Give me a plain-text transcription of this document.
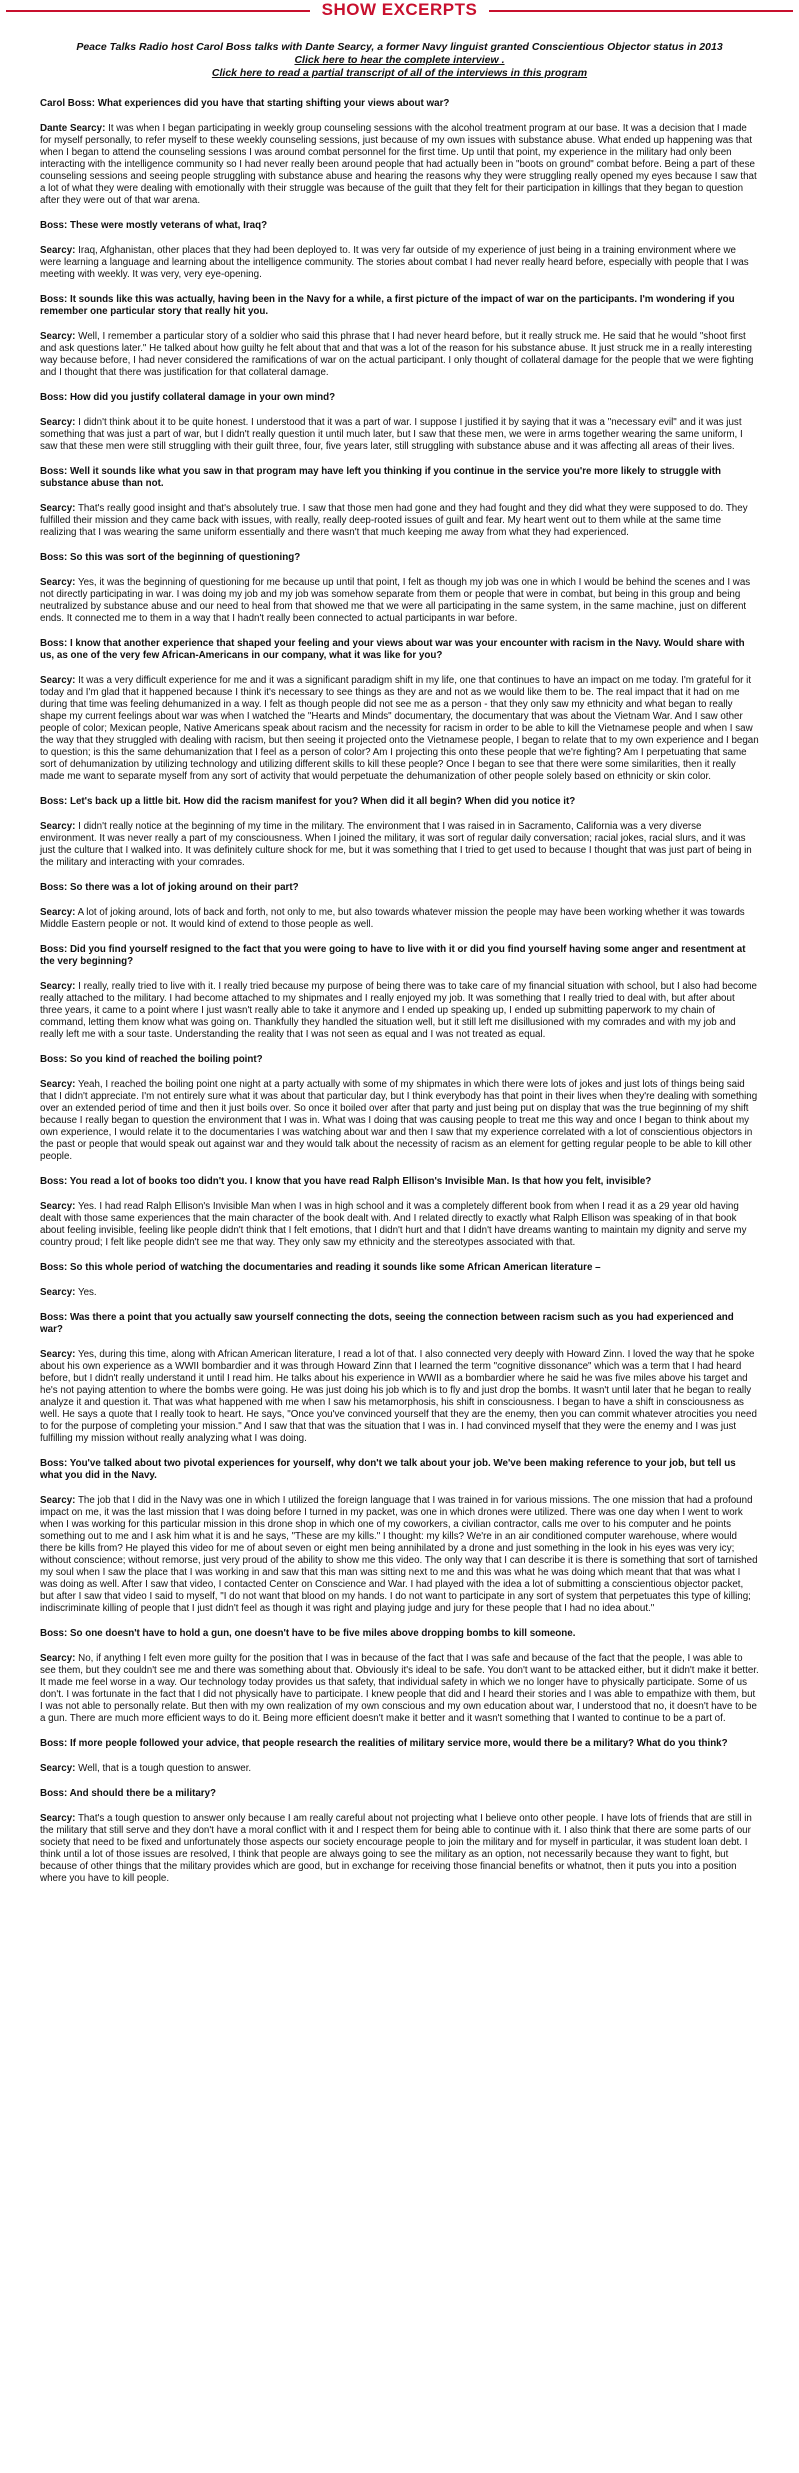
SHOW EXCERPTS
Peace Talks Radio host Carol Boss talks with Dante Searcy, a former Navy linguist granted Conscientious Objector status in 2013
Click here to hear the complete interview .
Click here to read a partial transcript of all of the interviews in this program

Carol Boss: What experiences did you have that starting shifting your views about war?

Dante Searcy: It was when I began participating in weekly group counseling sessions with the alcohol treatment program at our base. It was a decision that I made for myself personally, to refer myself to these weekly counseling sessions, just because of my own issues with substance abuse. What ended up happening was that when I began to attend the counseling sessions I was around combat personnel for the first time. Up until that point, my experience in the military had only been interacting with the intelligence community so I had never really been around people that had actually been in "boots on ground" combat before. Being a part of these counseling sessions and seeing people struggling with substance abuse and hearing the reasons why they were struggling really opened my eyes because I saw that a lot of what they were dealing with emotionally with their struggle was because of the guilt that they felt for their participation in killings that they began to question after they were out of that war arena.

Boss: These were mostly veterans of what, Iraq?

Searcy: Iraq, Afghanistan, other places that they had been deployed to. It was very far outside of my experience of just being in a training environment where we were learning a language and learning about the intelligence community. The stories about combat I had never really heard before, especially with people that I was meeting with weekly. It was very, very eye-opening.

Boss: It sounds like this was actually, having been in the Navy for a while, a first picture of the impact of war on the participants. I'm wondering if you remember one particular story that really hit you.

Searcy: Well, I remember a particular story of a soldier who said this phrase that I had never heard before, but it really struck me. He said that he would "shoot first and ask questions later." He talked about how guilty he felt about that and that was a lot of the reason for his substance abuse. It just struck me in a really interesting way because before, I had never considered the ramifications of war on the actual participant. I only thought of collateral damage for the people that we were fighting and I thought that there was justification for that collateral damage.

Boss: How did you justify collateral damage in your own mind?

Searcy: I didn't think about it to be quite honest. I understood that it was a part of war. I suppose I justified it by saying that it was a "necessary evil" and it was just something that was just a part of war, but I didn't really question it until much later, but I saw that these men, we were in arms together wearing the same uniform, I saw that these men were still struggling with their guilt three, four, five years later, still struggling with substance abuse and it was affecting all areas of their lives.

Boss: Well it sounds like what you saw in that program may have left you thinking if you continue in the service you're more likely to struggle with substance abuse than not.

Searcy: That's really good insight and that's absolutely true. I saw that those men had gone and they had fought and they did what they were supposed to do. They fulfilled their mission and they came back with issues, with really, really deep-rooted issues of guilt and fear. My heart went out to them while at the same time realizing that I was wearing the same uniform essentially and there wasn't that much keeping me away from what they had experienced.

Boss: So this was sort of the beginning of questioning?

Searcy: Yes, it was the beginning of questioning for me because up until that point, I felt as though my job was one in which I would be behind the scenes and I was not directly participating in war. I was doing my job and my job was somehow separate from them or people that were in combat, but being in this group and being neutralized by substance abuse and our need to heal from that showed me that we were all participating in the same system, in the same machine, just on different ends. It connected me to them in a way that I hadn't really been connected to actual participants in war before.

Boss: I know that another experience that shaped your feeling and your views about war was your encounter with racism in the Navy. Would share with us, as one of the very few African-Americans in our company, what it was like for you?

Searcy: It was a very difficult experience for me and it was a significant paradigm shift in my life, one that continues to have an impact on me today. I'm grateful for it today and I'm glad that it happened because I think it's necessary to see things as they are and not as we would like them to be. The real impact that it had on me during that time was feeling dehumanized in a way. I felt as though people did not see me as a person - that they only saw my ethnicity and what began to really shape my current feelings about war was when I watched the "Hearts and Minds" documentary, the documentary that was about the Vietnam War. And I saw other people of color; Mexican people, Native Americans speak about racism and the necessity for racism in order to be able to kill the Vietnamese people and when I saw the way that they struggled with dealing with racism, but then seeing it projected onto the Vietnamese people, I began to relate that to my own experience and I began to question; is this the same dehumanization that I feel as a person of color? Am I projecting this onto these people that we're fighting? Am I perpetuating that same sort of dehumanization by utilizing technology and utilizing different skills to kill these people? Once I began to see that there were some similarities, then it really made me want to separate myself from any sort of activity that would perpetuate the dehumanization of other people solely based on ethnicity or skin color.

Boss: Let's back up a little bit. How did the racism manifest for you? When did it all begin? When did you notice it?

Searcy: I didn't really notice at the beginning of my time in the military. The environment that I was raised in in Sacramento, California was a very diverse environment. It was never really a part of my consciousness. When I joined the military, it was sort of regular daily conversation; racial jokes, racial slurs, and it was just the culture that I walked into. It was definitely culture shock for me, but it was something that I tried to get used to because I thought that was just part of being in the military and interacting with your comrades.

Boss: So there was a lot of joking around on their part?

Searcy: A lot of joking around, lots of back and forth, not only to me, but also towards whatever mission the people may have been working whether it was towards Middle Eastern people or not. It would kind of extend to those people as well.

Boss: Did you find yourself resigned to the fact that you were going to have to live with it or did you find yourself having some anger and resentment at the very beginning?

Searcy: I really, really tried to live with it. I really tried because my purpose of being there was to take care of my financial situation with school, but I also had become really attached to the military. I had become attached to my shipmates and I really enjoyed my job. It was something that I really tried to deal with, but after about three years, it came to a point where I just wasn't really able to take it anymore and I ended up speaking up, I ended up submitting paperwork to my chain of command, letting them know what was going on. Thankfully they handled the situation well, but it still left me disillusioned with my comrades and with my job and really left me with a sour taste. Understanding the reality that I was not seen as equal and I was not treated as equal.

Boss: So you kind of reached the boiling point?

Searcy: Yeah, I reached the boiling point one night at a party actually with some of my shipmates in which there were lots of jokes and just lots of things being said that I didn't appreciate. I'm not entirely sure what it was about that particular day, but I think everybody has that point in their lives when they're dealing with something over an extended period of time and then it just boils over. So once it boiled over after that party and just being put on display that was the true beginning of my shift because I really began to question the environment that I was in. What was I doing that was causing people to treat me this way and once I began to think about my own experience, I would relate it to the documentaries I was watching about war and then I saw that my experience correlated with a lot of conscientious objectors in the past or people that would speak out against war and they would talk about the necessity of racism as an element for getting regular people to be able to kill other people.

Boss: You read a lot of books too didn't you. I know that you have read Ralph Ellison's Invisible Man. Is that how you felt, invisible?

Searcy: Yes. I had read Ralph Ellison's Invisible Man when I was in high school and it was a completely different book from when I read it as a 29 year old having dealt with those same experiences that the main character of the book dealt with. And I related directly to exactly what Ralph Ellison was speaking of in that book about feeling invisible, feeling like people didn't think that I felt emotions, that I didn't hurt and that I didn't have dreams wanting to maintain my dignity and serve my country proud; I felt like people didn't see me that way. They only saw my ethnicity and the stereotypes associated with that.

Boss: So this whole period of watching the documentaries and reading it sounds like some African American literature –

Searcy: Yes.

Boss: Was there a point that you actually saw yourself connecting the dots, seeing the connection between racism such as you had experienced and war?

Searcy: Yes, during this time, along with African American literature, I read a lot of that. I also connected very deeply with Howard Zinn. I loved the way that he spoke about his own experience as a WWII bombardier and it was through Howard Zinn that I learned the term "cognitive dissonance" which was a term that I had heard before, but I didn't really understand it until I read him. He talks about his experience in WWII as a bombardier where he said he was five miles above his target and he's not paying attention to where the bombs were going. He was just doing his job which is to fly and just drop the bombs. It wasn't until later that he began to really analyze it and question it. That was what happened with me when I saw his metamorphosis, his shift in consciousness. I began to have a shift in consciousness as well. He says a quote that I really took to heart. He says, "Once you've convinced yourself that they are the enemy, then you can commit whatever atrocities you need to for the purpose of completing your mission." And I saw that that was the situation that I was in. I had convinced myself that they were the enemy and I was just fulfilling my mission without really analyzing what I was doing.

Boss: You've talked about two pivotal experiences for yourself, why don't we talk about your job. We've been making reference to your job, but tell us what you did in the Navy.

Searcy: The job that I did in the Navy was one in which I utilized the foreign language that I was trained in for various missions. The one mission that had a profound impact on me, it was the last mission that I was doing before I turned in my packet, was one in which drones were utilized. There was one day when I went to work when I was working for this particular mission in this drone shop in which one of my coworkers, a civilian contractor, calls me over to his computer and he points something out to me and I ask him what it is and he says, "These are my kills." I thought: my kills? We're in an air conditioned computer warehouse, where would there be kills from? He played this video for me of about seven or eight men being annihilated by a drone and just something in the look in his eyes was very icy; without conscience; without remorse, just very proud of the ability to show me this video. The only way that I can describe it is there is something that sort of tarnished my soul when I saw the place that I was working in and saw that this man was sitting next to me and this was what he was doing which meant that that was what I was doing as well. After I saw that video, I contacted Center on Conscience and War. I had played with the idea a lot of submitting a conscientious objector packet, but after I saw that video I said to myself, "I do not want that blood on my hands. I do not want to participate in any sort of system that perpetuates this type of killing; indiscriminate killing of people that I just didn't feel as though it was right and playing judge and jury for these people that I had no idea about."

Boss: So one doesn't have to hold a gun, one doesn't have to be five miles above dropping bombs to kill someone.

Searcy: No, if anything I felt even more guilty for the position that I was in because of the fact that I was safe and because of the fact that the people, I was able to see them, but they couldn't see me and there was something about that. Obviously it's ideal to be safe. You don't want to be attacked either, but it didn't make it better. It made me feel worse in a way. Our technology today provides us that safety, that individual safety in which we no longer have to physically participate. Some of us don't. I was fortunate in the fact that I did not physically have to participate. I knew people that did and I heard their stories and I was able to empathize with them, but I was not able to personally relate. But then with my own realization of my own conscious and my own education about war, I understood that no, it doesn't have to be a gun. There are much more efficient ways to do it. Being more efficient doesn't make it better and it wasn't something that I wanted to continue to be a part of.

Boss: If more people followed your advice, that people research the realities of military service more, would there be a military? What do you think?

Searcy: Well, that is a tough question to answer.

Boss: And should there be a military?

Searcy: That's a tough question to answer only because I am really careful about not projecting what I believe onto other people. I have lots of friends that are still in the military that still serve and they don't have a moral conflict with it and I respect them for being able to continue with it. I also think that there are some parts of our society that need to be fixed and unfortunately those aspects our society encourage people to join the military and for myself in particular, it was student loan debt. I think until a lot of those issues are resolved, I think that people are always going to see the military as an option, not necessarily because they want to fight, but because of other things that the military provides which are good, but in exchange for receiving those financial benefits or whatnot, then it puts you into a position where you have to kill people.
